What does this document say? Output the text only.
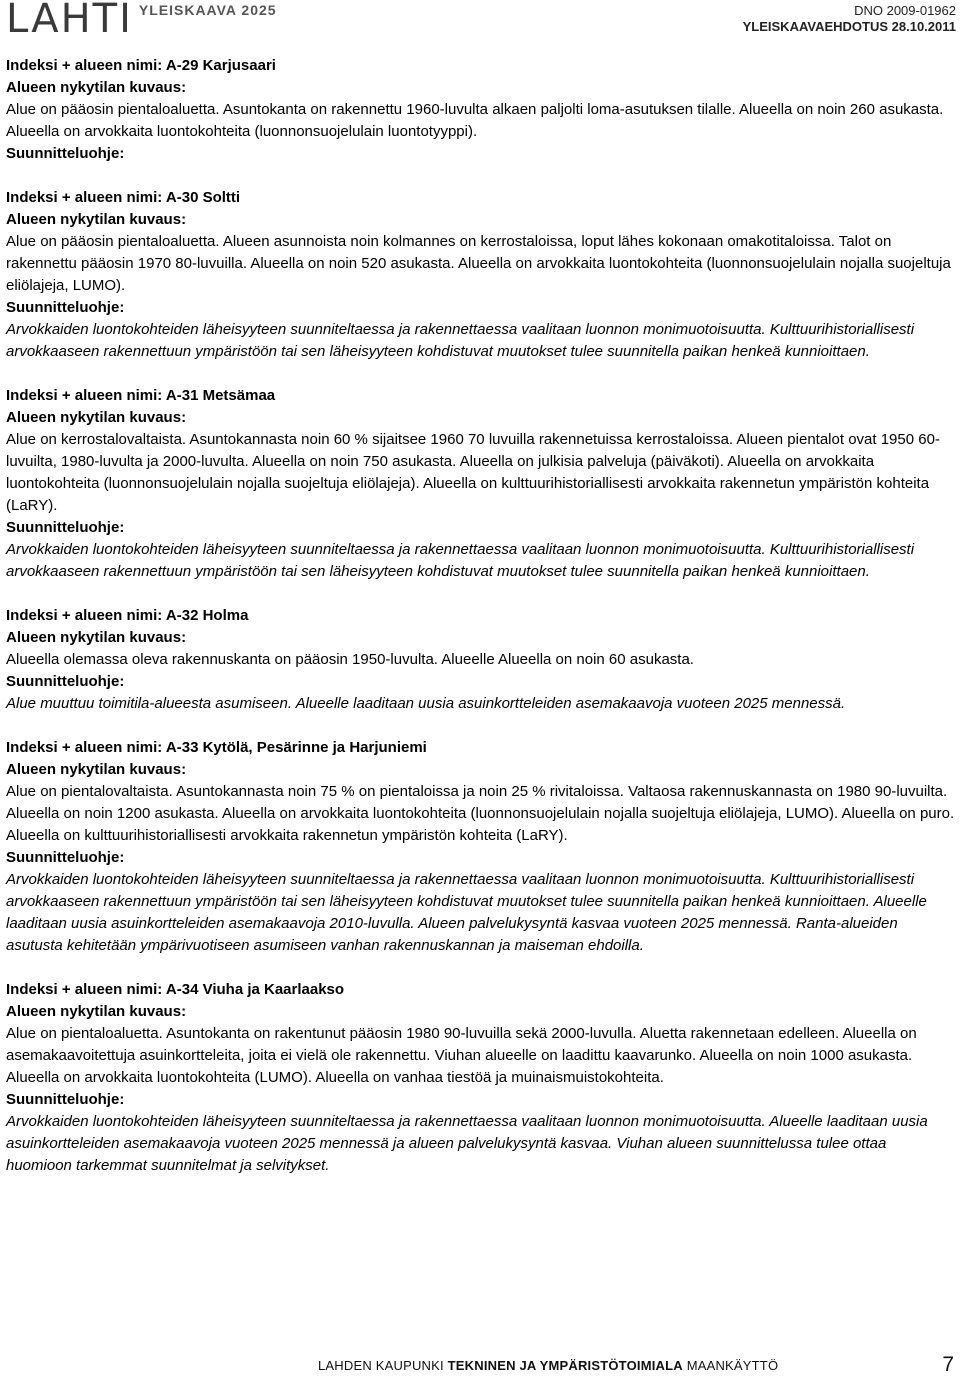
LAHTI YLEISKAAVA 2025	DNO 2009-01962
YLEISKAAVAEHDOTUS 28.10.2011
Indeksi + alueen nimi: A-29 Karjusaari
Alueen nykytilan kuvaus:
Alue on pääosin pientaloaluetta. Asuntokanta on rakennettu 1960-luvulta alkaen paljolti loma-asutuksen tilalle. Alueella on noin 260 asukasta. Alueella on arvokkaita luontokohteita (luonnonsuojelulain luontotyyppi).
Suunnitteluohje:
Indeksi + alueen nimi: A-30 Soltti
Alueen nykytilan kuvaus:
Alue on pääosin pientaloaluetta. Alueen asunnoista noin kolmannes on kerrostaloissa, loput lähes kokonaan omakotitaloissa. Talot on rakennettu pääosin 1970 80-luvuilla. Alueella on noin 520 asukasta. Alueella on arvokkaita luontokohteita (luonnonsuojelulain nojalla suojeltuja eliölajeja, LUMO).
Suunnitteluohje:
Arvokkaiden luontokohteiden läheisyyteen suunniteltaessa ja rakennettaessa vaalitaan luonnon monimuotoisuutta. Kulttuurihistoriallisesti arvokkaaseen rakennettuun ympäristöön tai sen läheisyyteen kohdistuvat muutokset tulee suunnitella paikan henkeä kunnioittaen.
Indeksi + alueen nimi: A-31 Metsämaa
Alueen nykytilan kuvaus:
Alue on kerrostalovaltaista. Asuntokannasta noin 60 % sijaitsee 1960 70 luvuilla rakennetuissa kerrostaloissa. Alueen pientalot ovat 1950 60-luvuilta, 1980-luvulta ja 2000-luvulta. Alueella on noin 750 asukasta. Alueella on julkisia palveluja (päiväkoti). Alueella on arvokkaita luontokohteita (luonnonsuojelulain nojalla suojeltuja eliölajeja). Alueella on kulttuurihistoriallisesti arvokkaita rakennetun ympäristön kohteita (LaRY).
Suunnitteluohje:
Arvokkaiden luontokohteiden läheisyyteen suunniteltaessa ja rakennettaessa vaalitaan luonnon monimuotoisuutta. Kulttuurihistoriallisesti arvokkaaseen rakennettuun ympäristöön tai sen läheisyyteen kohdistuvat muutokset tulee suunnitella paikan henkeä kunnioittaen.
Indeksi + alueen nimi: A-32 Holma
Alueen nykytilan kuvaus:
Alueella olemassa oleva rakennuskanta on pääosin 1950-luvulta. Alueelle Alueella on noin 60 asukasta.
Suunnitteluohje:
Alue muuttuu toimitila-alueesta asumiseen. Alueelle laaditaan uusia asuinkortteleiden asemakaavoja vuoteen 2025 mennessä.
Indeksi + alueen nimi: A-33 Kytölä, Pesärinne ja Harjuniemi
Alueen nykytilan kuvaus:
Alue on pientalovaltaista. Asuntokannasta noin 75 % on pientaloissa ja noin 25 % rivitaloissa. Valtaosa rakennuskannasta on 1980 90-luvuilta. Alueella on noin 1200 asukasta. Alueella on arvokkaita luontokohteita (luonnonsuojelulain nojalla suojeltuja eliölajeja, LUMO). Alueella on puro. Alueella on kulttuurihistoriallisesti arvokkaita rakennetun ympäristön kohteita (LaRY).
Suunnitteluohje:
Arvokkaiden luontokohteiden läheisyyteen suunniteltaessa ja rakennettaessa vaalitaan luonnon monimuotoisuutta. Kulttuurihistoriallisesti arvokkaaseen rakennettuun ympäristöön tai sen läheisyyteen kohdistuvat muutokset tulee suunnitella paikan henkeä kunnioittaen. Alueelle laaditaan uusia asuinkortteleiden asemakaavoja 2010-luvulla. Alueen palvelukysyntä kasvaa vuoteen 2025 mennessä. Ranta-alueiden asutusta kehitetään ympärivuotiseen asumiseen vanhan rakennuskannan ja maiseman ehdoilla.
Indeksi + alueen nimi: A-34 Viuha ja Kaarlaakso
Alueen nykytilan kuvaus:
Alue on pientaloaluetta. Asuntokanta on rakentunut pääosin 1980 90-luvuilla sekä 2000-luvulla. Aluetta rakennetaan edelleen. Alueella on asemakaavoitettuja asuinkortteleita, joita ei vielä ole rakennettu. Viuhan alueelle on laadittu kaavarunko. Alueella on noin 1000 asukasta. Alueella on arvokkaita luontokohteita (LUMO). Alueella on vanhaa tiestöä ja muinaismuistokohteita.
Suunnitteluohje:
Arvokkaiden luontokohteiden läheisyyteen suunniteltaessa ja rakennettaessa vaalitaan luonnon monimuotoisuutta. Alueelle laaditaan uusia asuinkortteleiden asemakaavoja vuoteen 2025 mennessä ja alueen palvelukysyntä kasvaa. Viuhan alueen suunnittelussa tulee ottaa huomioon tarkemmat suunnitelmat ja selvitykset.
LAHDEN KAUPUNKI TEKNINEN JA YMPÄRISTÖTOIMIALA MAANKÄYTTÖ	7
